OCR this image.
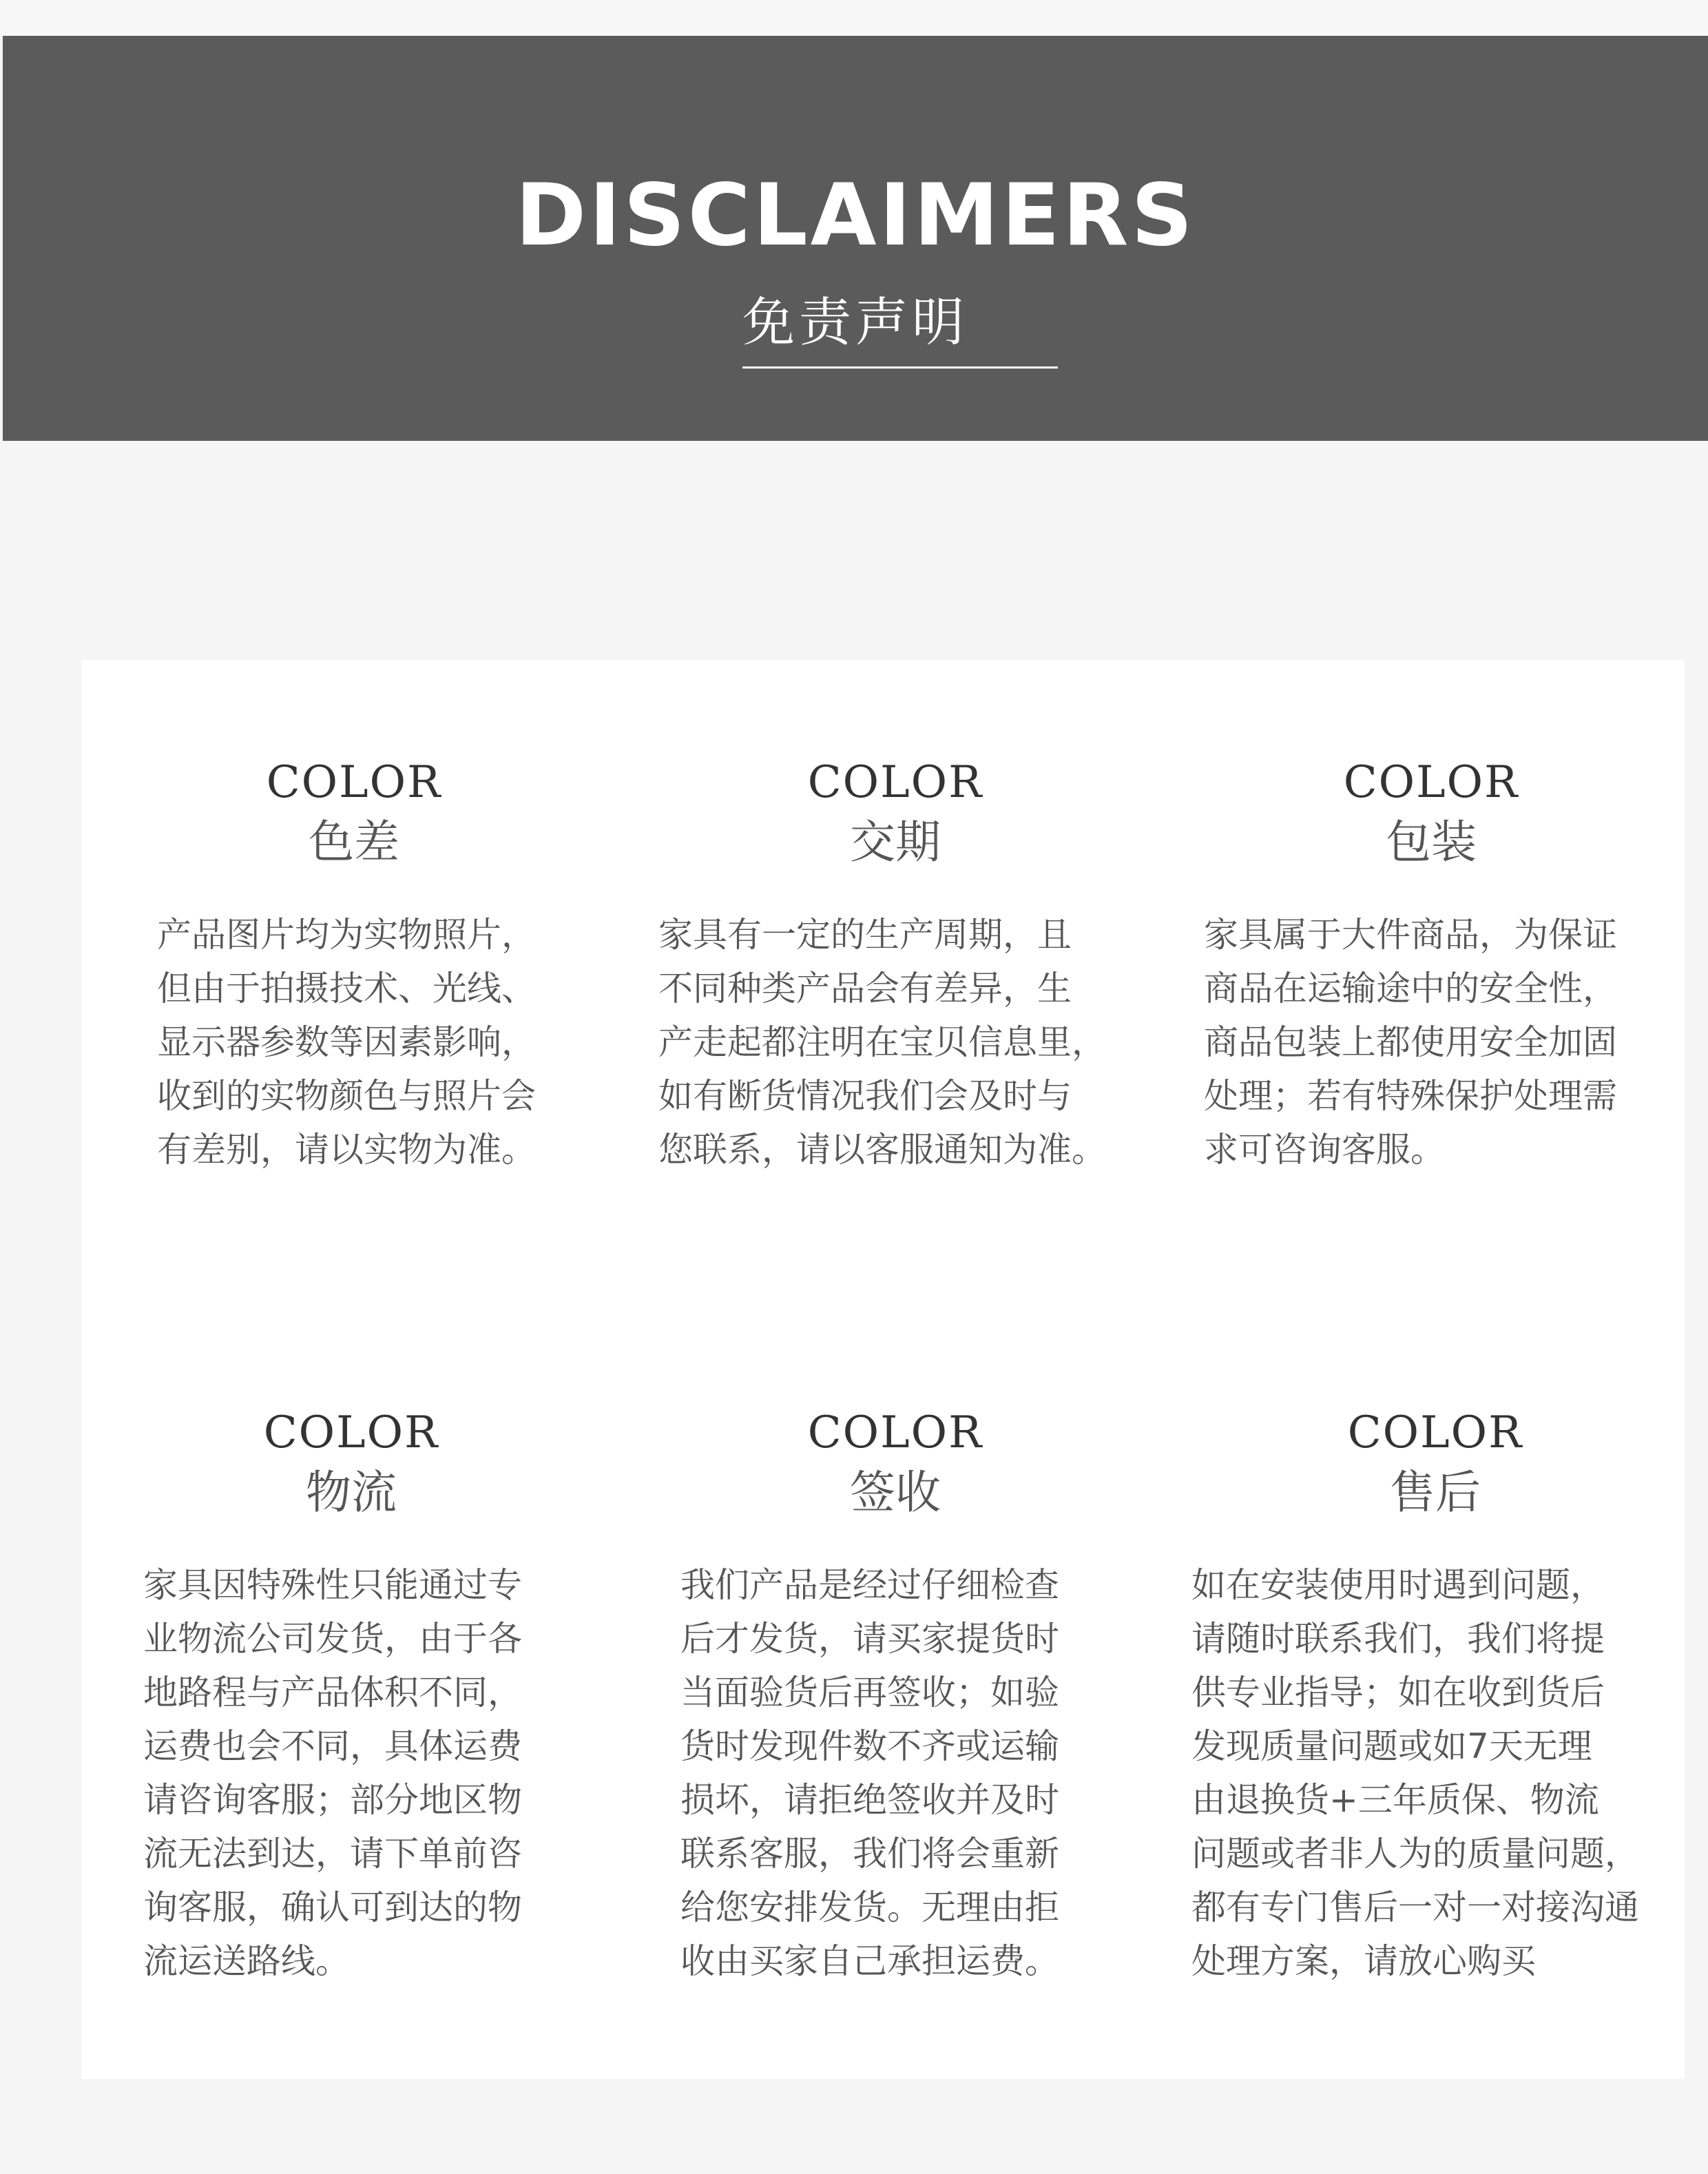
DISCLAIMERS
免责声明
COLOR
色差
产品图片均为实物照片，
但由于拍摄技术、光线、
显示器参数等因素影响，
收到的实物颜色与照片会
有差别，请以实物为准。
COLOR
交期
家具有一定的生产周期，且
不同种类产品会有差异，生
产走起都注明在宝贝信息里，
如有断货情况我们会及时与
您联系，请以客服通知为准。
COLOR
包装
家具属于大件商品，为保证
商品在运输途中的安全性，
商品包装上都使用安全加固
处理；若有特殊保护处理需
求可咨询客服。
COLOR
物流
家具因特殊性只能通过专
业物流公司发货，由于各
地路程与产品体积不同，
运费也会不同，具体运费
请咨询客服；部分地区物
流无法到达，请下单前咨
询客服，确认可到达的物
流运送路线。
COLOR
签收
我们产品是经过仔细检查
后才发货，请买家提货时
当面验货后再签收；如验
货时发现件数不齐或运输
损坏，请拒绝签收并及时
联系客服，我们将会重新
给您安排发货。无理由拒
收由买家自己承担运费。
COLOR
售后
如在安装使用时遇到问题，
请随时联系我们，我们将提
供专业指导；如在收到货后
发现质量问题或如7天无理
由退换货+三年质保、物流
问题或者非人为的质量问题，
都有专门售后一对一对接沟通
处理方案，请放心购买
